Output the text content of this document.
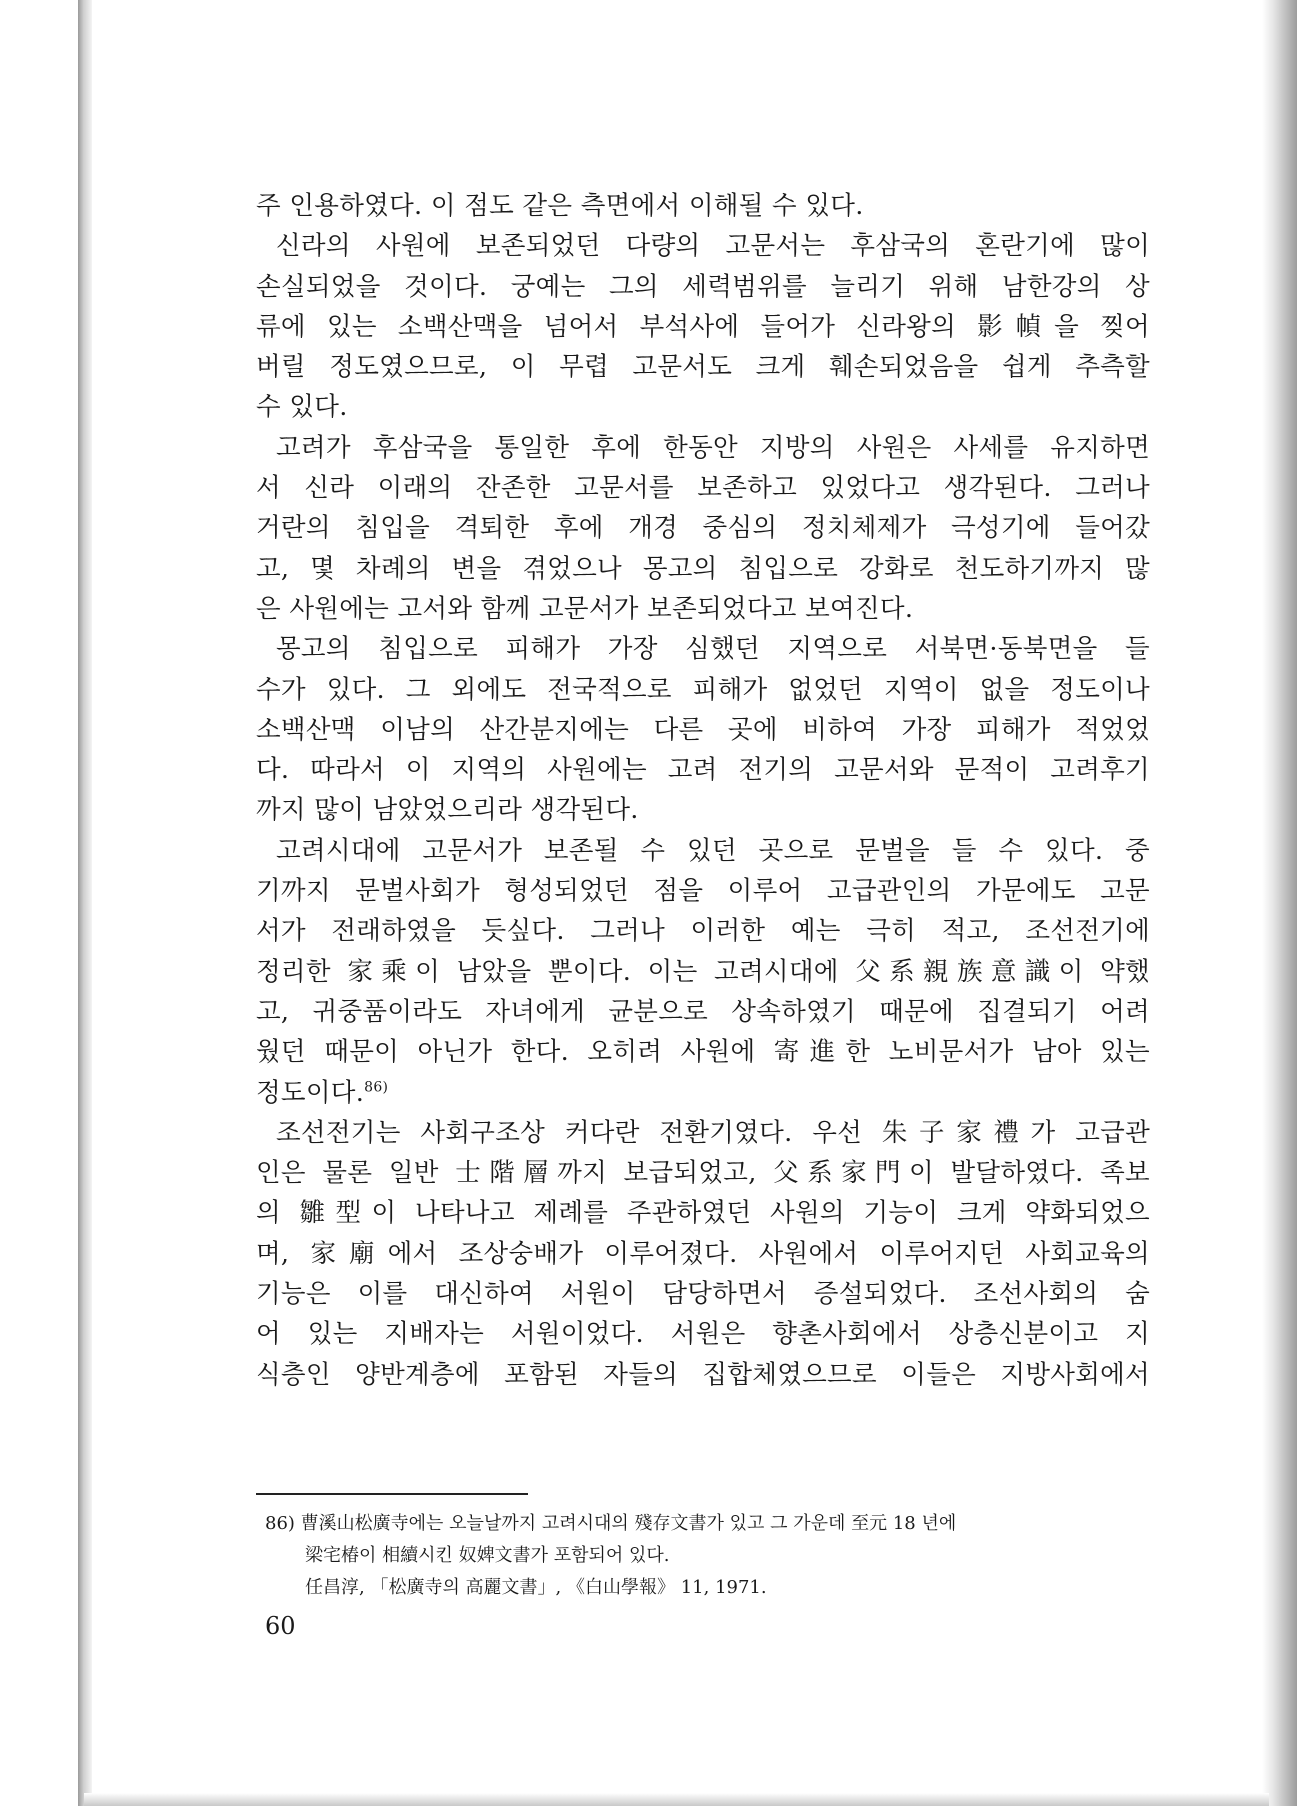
주 인용하였다. 이 점도 같은 측면에서 이해될 수 있다.
신라의 사원에 보존되었던 다량의 고문서는 후삼국의 혼란기에 많이
손실되었을 것이다. 궁예는 그의 세력범위를 늘리기 위해 남한강의 상
류에 있는 소백산맥을 넘어서 부석사에 들어가 신라왕의 影幀을 찢어
버릴 정도였으므로, 이 무렵 고문서도 크게 훼손되었음을 쉽게 추측할
수 있다.
고려가 후삼국을 통일한 후에 한동안 지방의 사원은 사세를 유지하면
서 신라 이래의 잔존한 고문서를 보존하고 있었다고 생각된다. 그러나
거란의 침입을 격퇴한 후에 개경 중심의 정치체제가 극성기에 들어갔
고, 몇 차례의 변을 겪었으나 몽고의 침입으로 강화로 천도하기까지 많
은 사원에는 고서와 함께 고문서가 보존되었다고 보여진다.
몽고의 침입으로 피해가 가장 심했던 지역으로 서북면·동북면을 들
수가 있다. 그 외에도 전국적으로 피해가 없었던 지역이 없을 정도이나
소백산맥 이남의 산간분지에는 다른 곳에 비하여 가장 피해가 적었었
다. 따라서 이 지역의 사원에는 고려 전기의 고문서와 문적이 고려후기
까지 많이 남았었으리라 생각된다.
고려시대에 고문서가 보존될 수 있던 곳으로 문벌을 들 수 있다. 중
기까지 문벌사회가 형성되었던 점을 이루어 고급관인의 가문에도 고문
서가 전래하였을 듯싶다. 그러나 이러한 예는 극히 적고, 조선전기에
정리한 家乘이 남았을 뿐이다. 이는 고려시대에 父系親族意識이 약했
고, 귀중품이라도 자녀에게 균분으로 상속하였기 때문에 집결되기 어려
웠던 때문이 아닌가 한다. 오히려 사원에 寄進한 노비문서가 남아 있는
정도이다.$^{86)}$
조선전기는 사회구조상 커다란 전환기였다. 우선 朱子家禮가 고급관
인은 물론 일반 士階層까지 보급되었고, 父系家門이 발달하였다. 족보
의 雛型이 나타나고 제례를 주관하였던 사원의 기능이 크게 약화되었으
며, 家廟에서 조상숭배가 이루어졌다. 사원에서 이루어지던 사회교육의
기능은 이를 대신하여 서원이 담당하면서 증설되었다. 조선사회의 숨
어 있는 지배자는 서원이었다. 서원은 향촌사회에서 상층신분이고 지
식층인 양반계층에 포함된 자들의 집합체였으므로 이들은 지방사회에서
86) 曹溪山松廣寺에는 오늘날까지 고려시대의 殘存文書가 있고 그 가운데 至元 18 년에
梁宅椿이 相續시킨 奴婢文書가 포함되어 있다.
任昌淳, 「松廣寺의 高麗文書」, 《白山學報》 11, 1971.
60
